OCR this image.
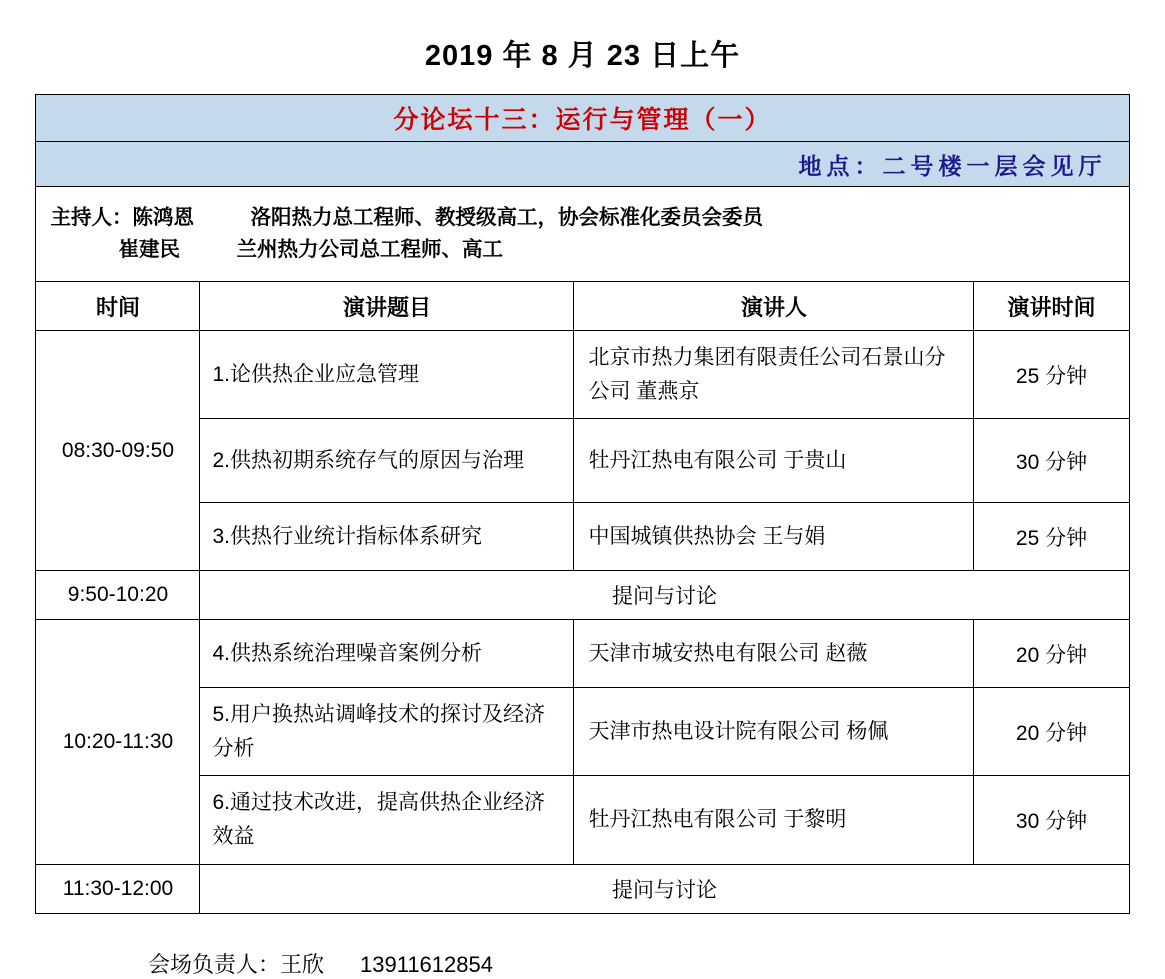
2019 年 8 月 23 日上午
分论坛十三：运行与管理（一）			
地点：二号楼一层会见厅			

主持人：陈鸿恩 洛阳热力总工程师、教授级高工，协会标准化委员会委员
崔建民 兰州热力公司总工程师、高工			

时间	演讲题目	演讲人	演讲时间
08:30-09:50	1.论供热企业应急管理	北京市热力集团有限责任公司石景山分公司 董燕京	25 分钟
	2.供热初期系统存气的原因与治理	牡丹江热电有限公司 于贵山	30 分钟
	3.供热行业统计指标体系研究	中国城镇供热协会 王与娟	25 分钟
9:50-10:20	提问与讨论		
10:20-11:30	4.供热系统治理噪音案例分析	天津市城安热电有限公司 赵薇	20 分钟
	5.用户换热站调峰技术的探讨及经济分析	天津市热电设计院有限公司 杨佩	20 分钟
	6.通过技术改进，提高供热企业经济效益	牡丹江热电有限公司 于黎明	30 分钟
11:30-12:00	提问与讨论		
会场负责人：王欣 13911612854
